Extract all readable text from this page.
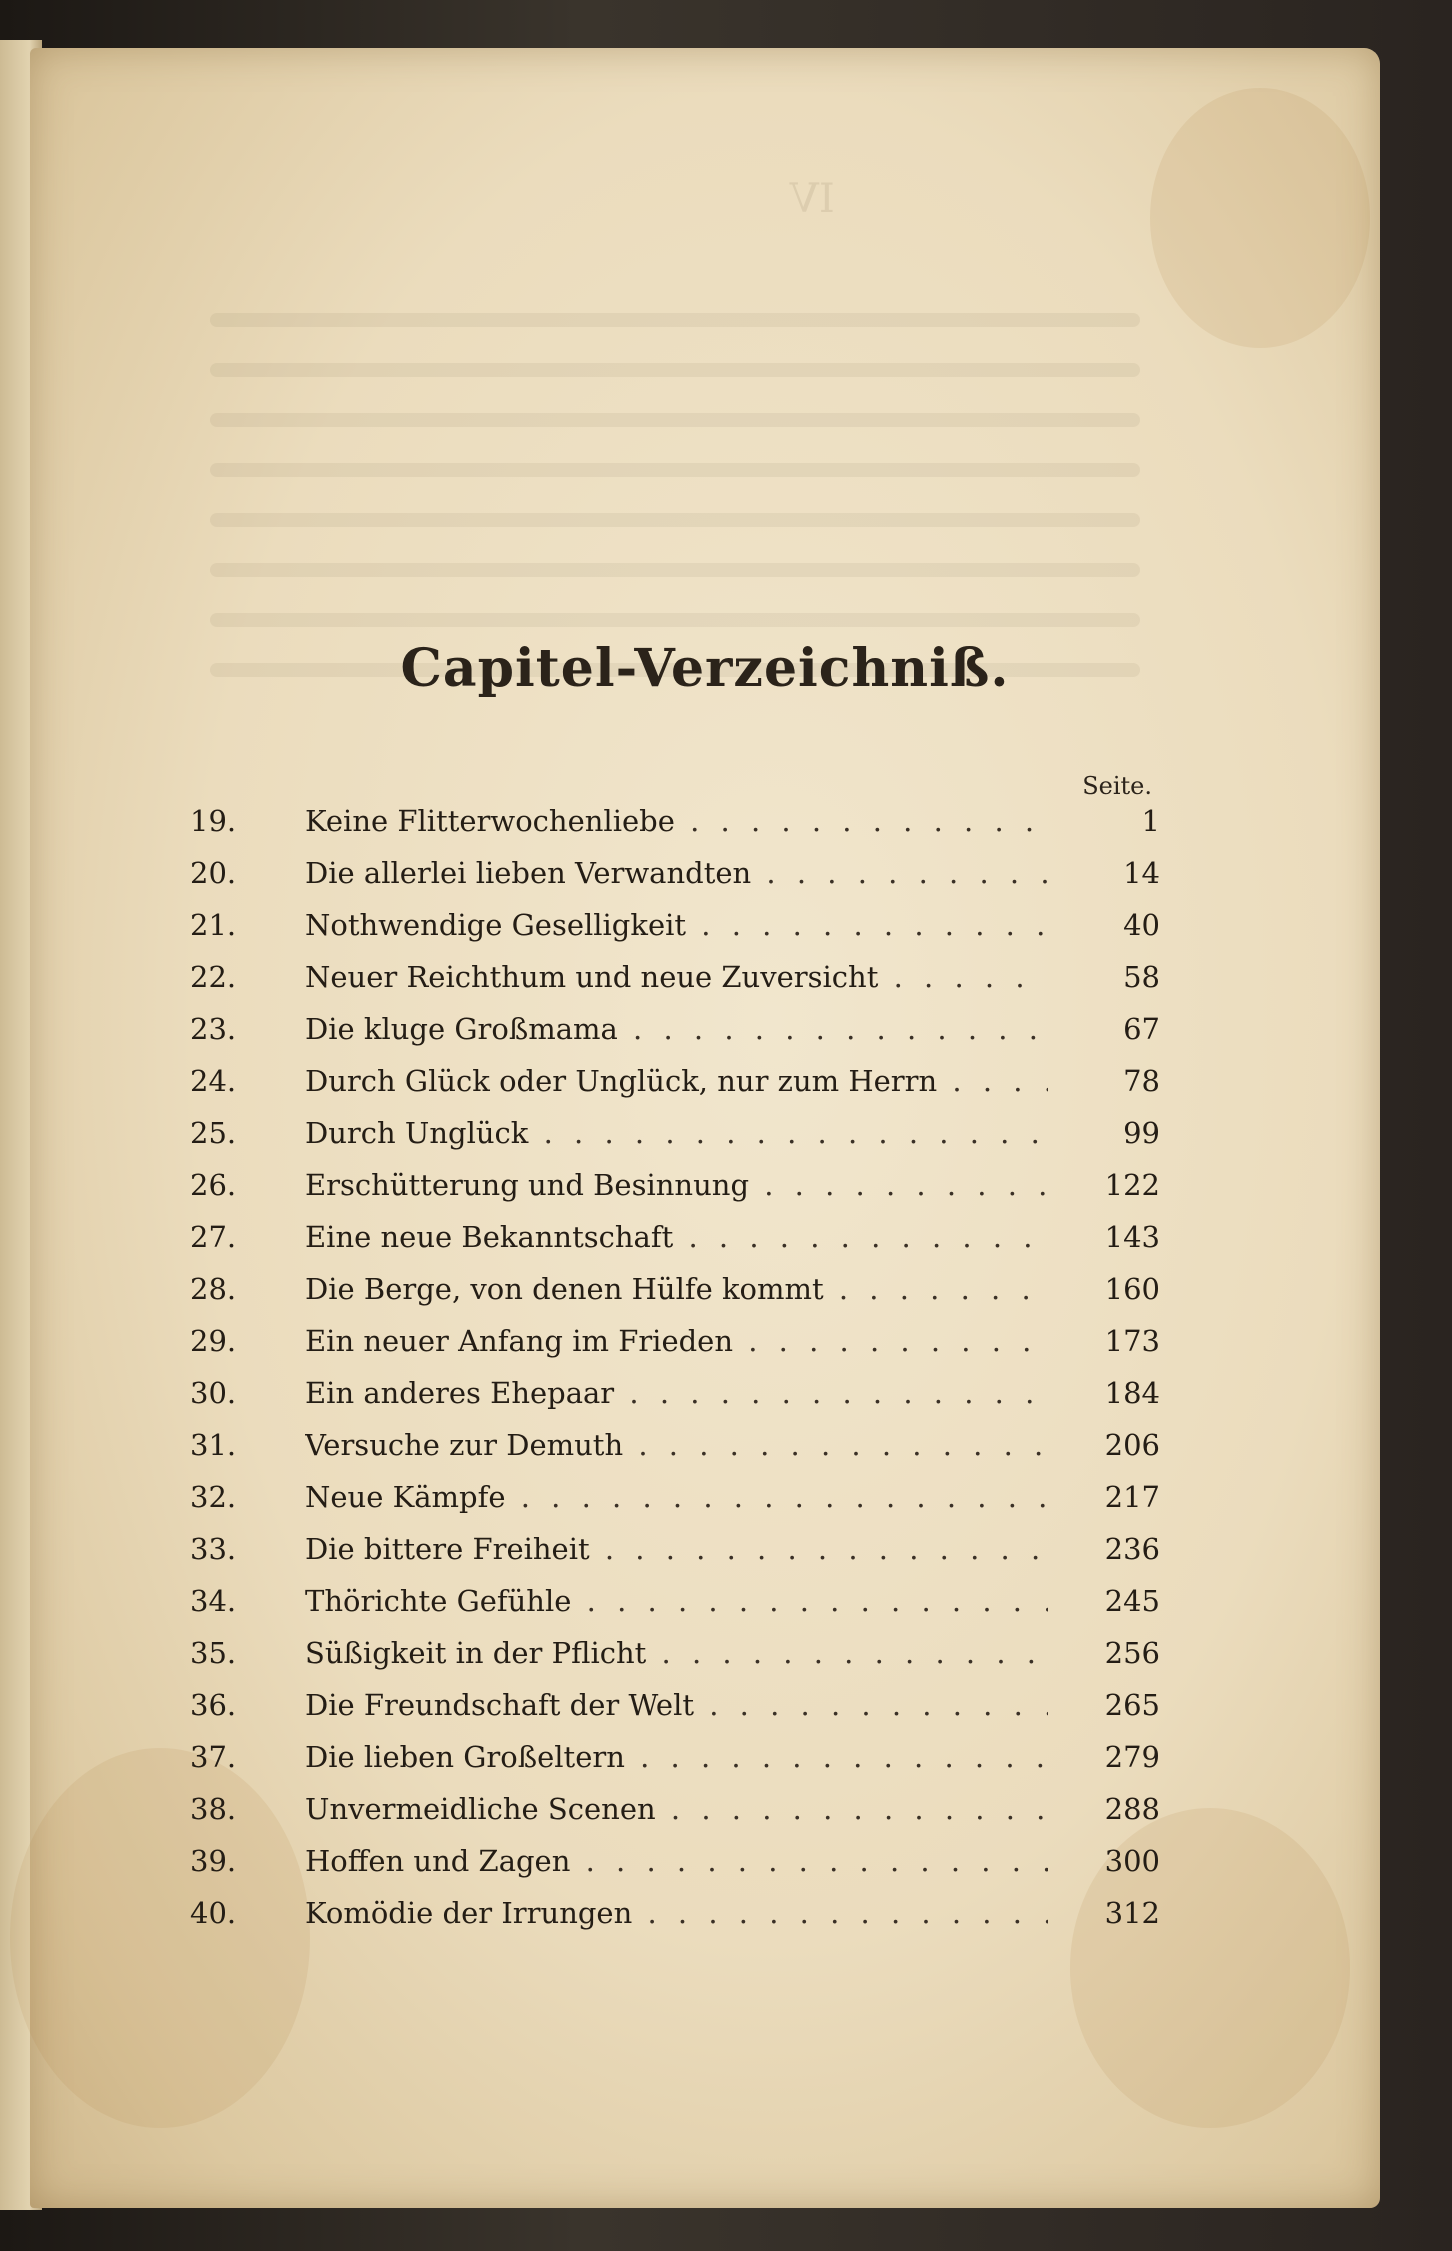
IV
Capitel-Verzeichniß.
Seite.
19.	Keine Flitterwochenliebe . . .	1
20.	Die allerlei lieben Verwandten . . .	14
21.	Nothwendige Geselligkeit . . .	40
22.	Neuer Reichthum und neue Zuversicht . . .	58
23.	Die kluge Großmama . . .	67
24.	Durch Glück oder Unglück, nur zum Herrn . . .	78
25.	Durch Unglück . . .	99
26.	Erschütterung und Besinnung . . .	122
27.	Eine neue Bekanntschaft . . .	143
28.	Die Berge, von denen Hülfe kommt . . .	160
29.	Ein neuer Anfang im Frieden . . .	173
30.	Ein anderes Ehepaar . . .	184
31.	Versuche zur Demuth . . .	206
32.	Neue Kämpfe . . .	217
33.	Die bittere Freiheit . . .	236
34.	Thörichte Gefühle . . .	245
35.	Süßigkeit in der Pflicht . . .	256
36.	Die Freundschaft der Welt . . .	265
37.	Die lieben Großeltern . . .	279
38.	Unvermeidliche Scenen . . .	288
39.	Hoffen und Zagen . . .	300
40.	Komödie der Irrungen . . .	312
